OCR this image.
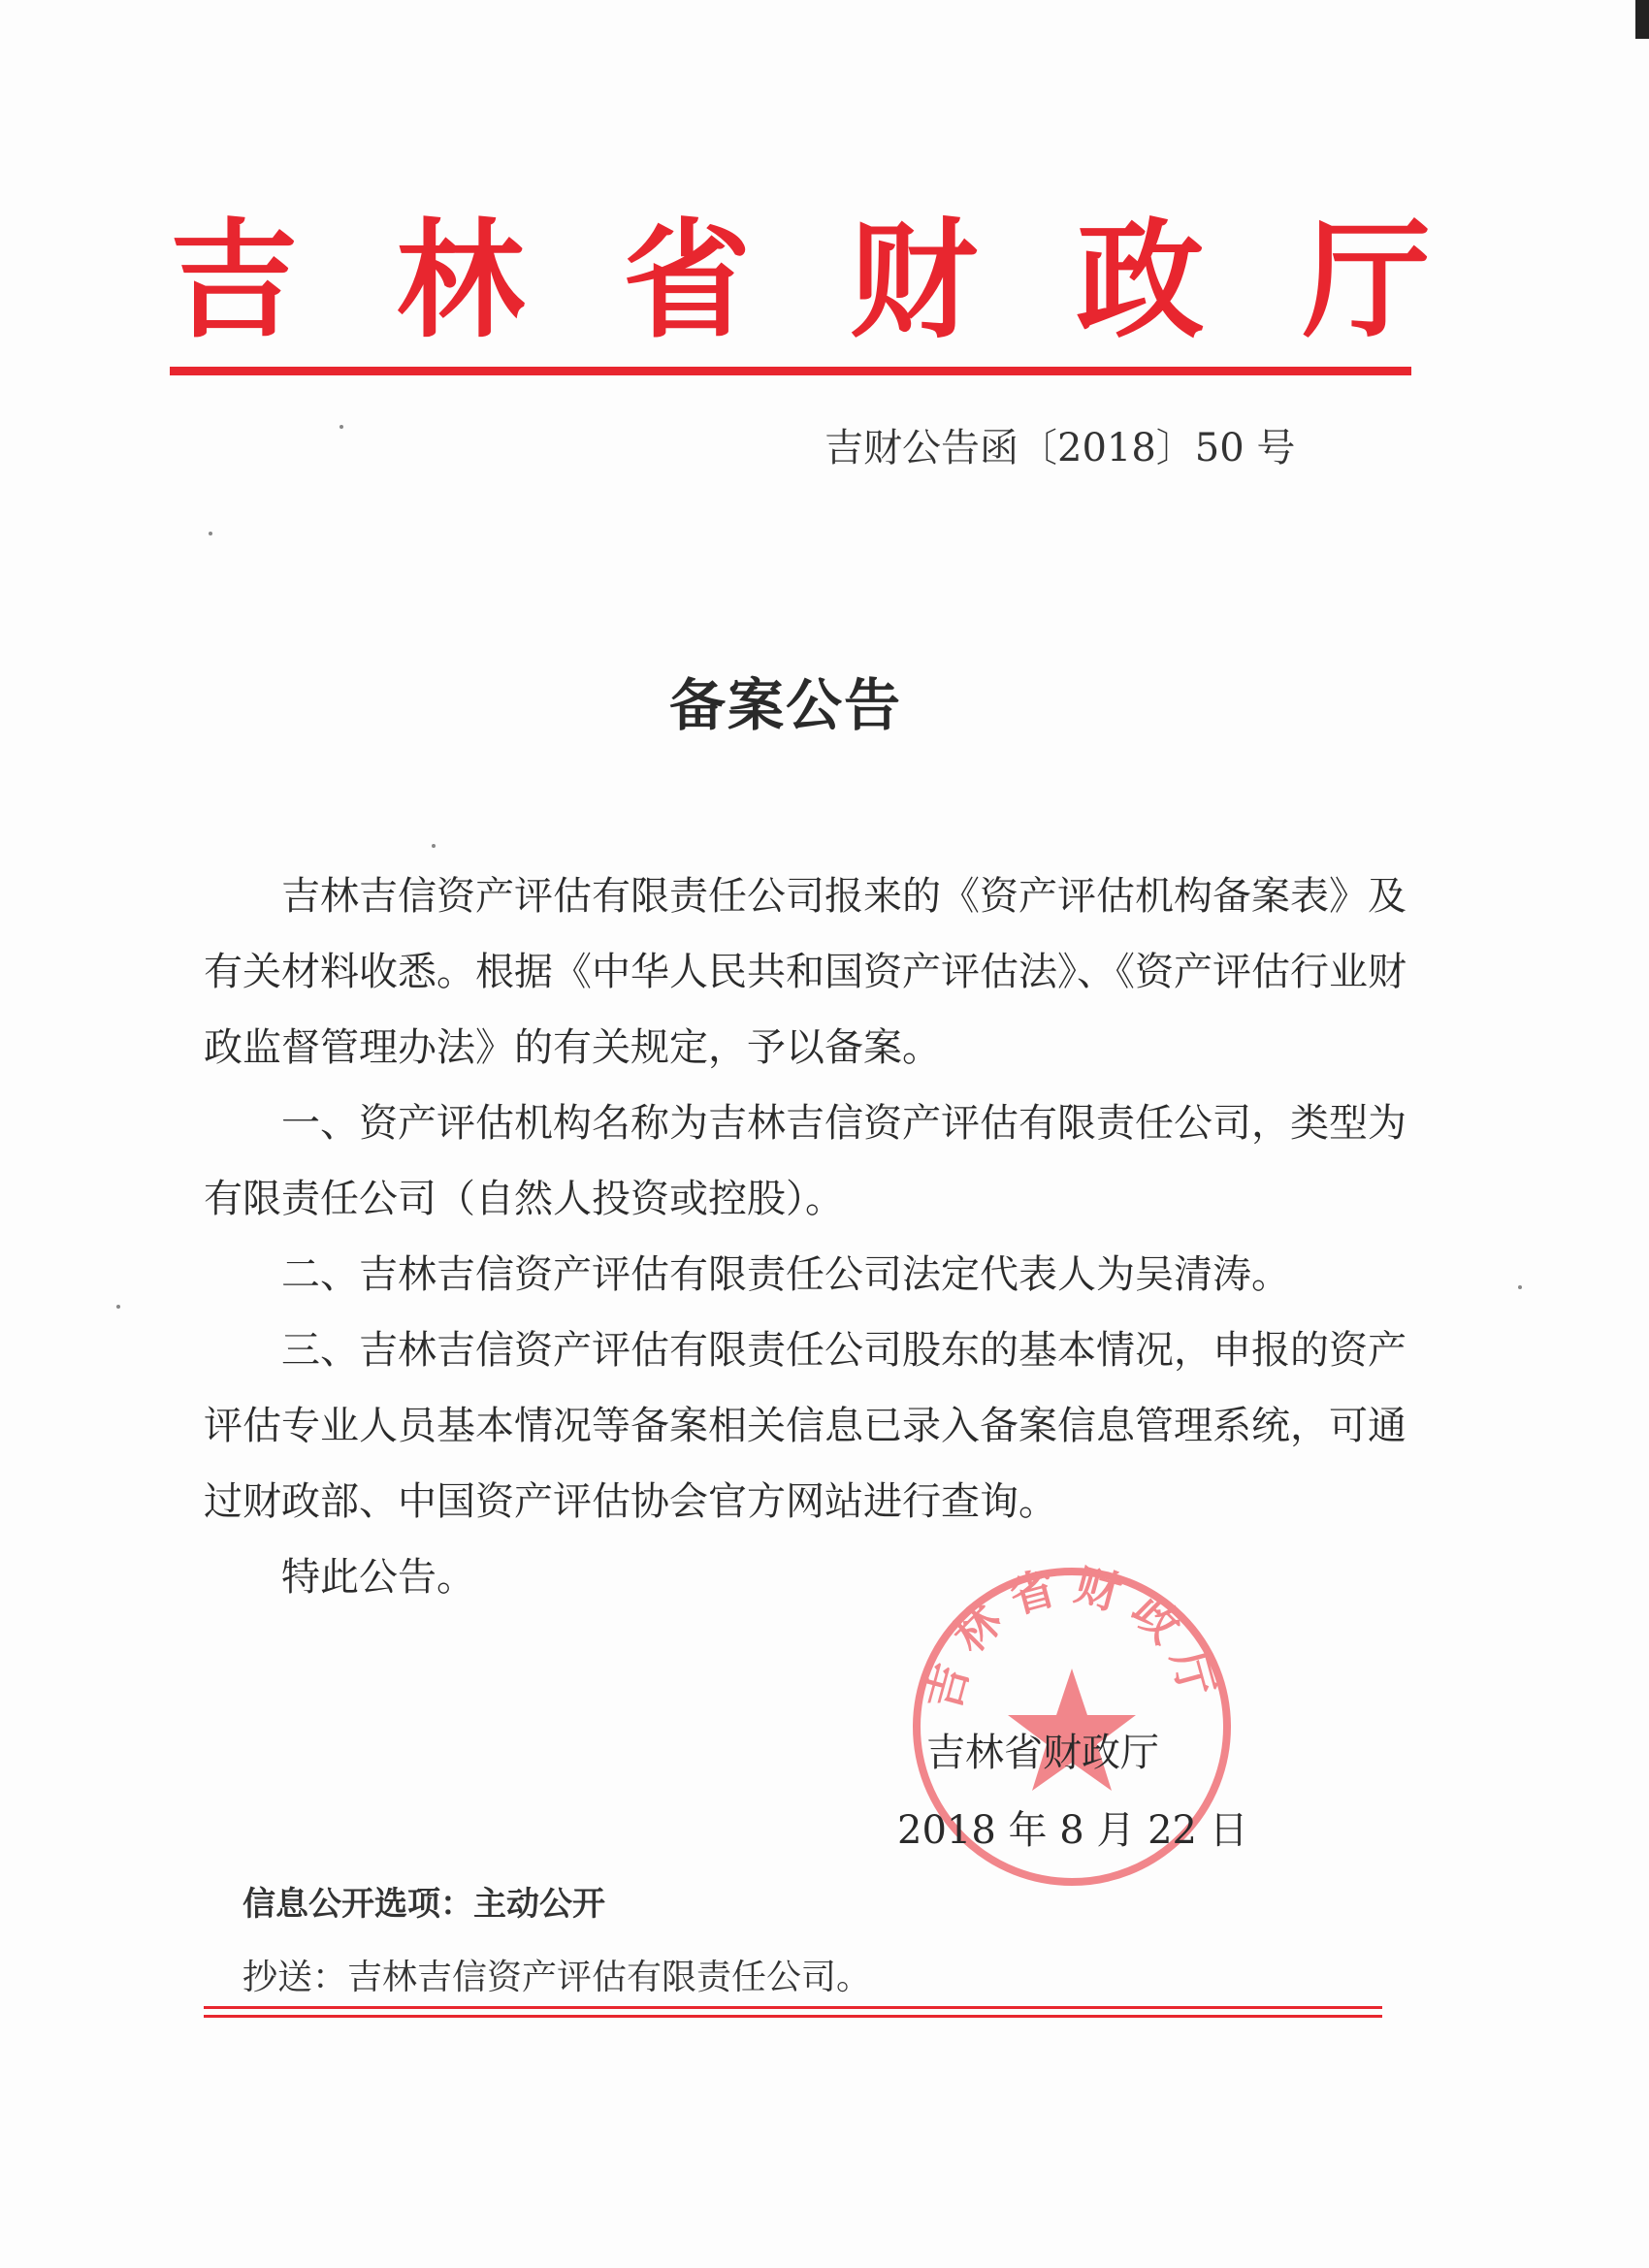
吉 林 省 财 政 厅
吉财公告函〔2018〕50 号
备案公告

吉林吉信资产评估有限责任公司报来的《资产评估机构备案表》及有关材料收悉。根据《中华人民共和国资产评估法》、《资产评估行业财政监督管理办法》的有关规定，予以备案。

一、资产评估机构名称为吉林吉信资产评估有限责任公司，类型为有限责任公司（自然人投资或控股）。

二、吉林吉信资产评估有限责任公司法定代表人为吴清涛。

三、吉林吉信资产评估有限责任公司股东的基本情况，申报的资产评估专业人员基本情况等备案相关信息已录入备案信息管理系统，可通过财政部、中国资产评估协会官方网站进行查询。

特此公告。

吉林省财政厅
吉林省财政厅
2018 年 8 月 22 日
信息公开选项：主动公开
抄送：吉林吉信资产评估有限责任公司。
